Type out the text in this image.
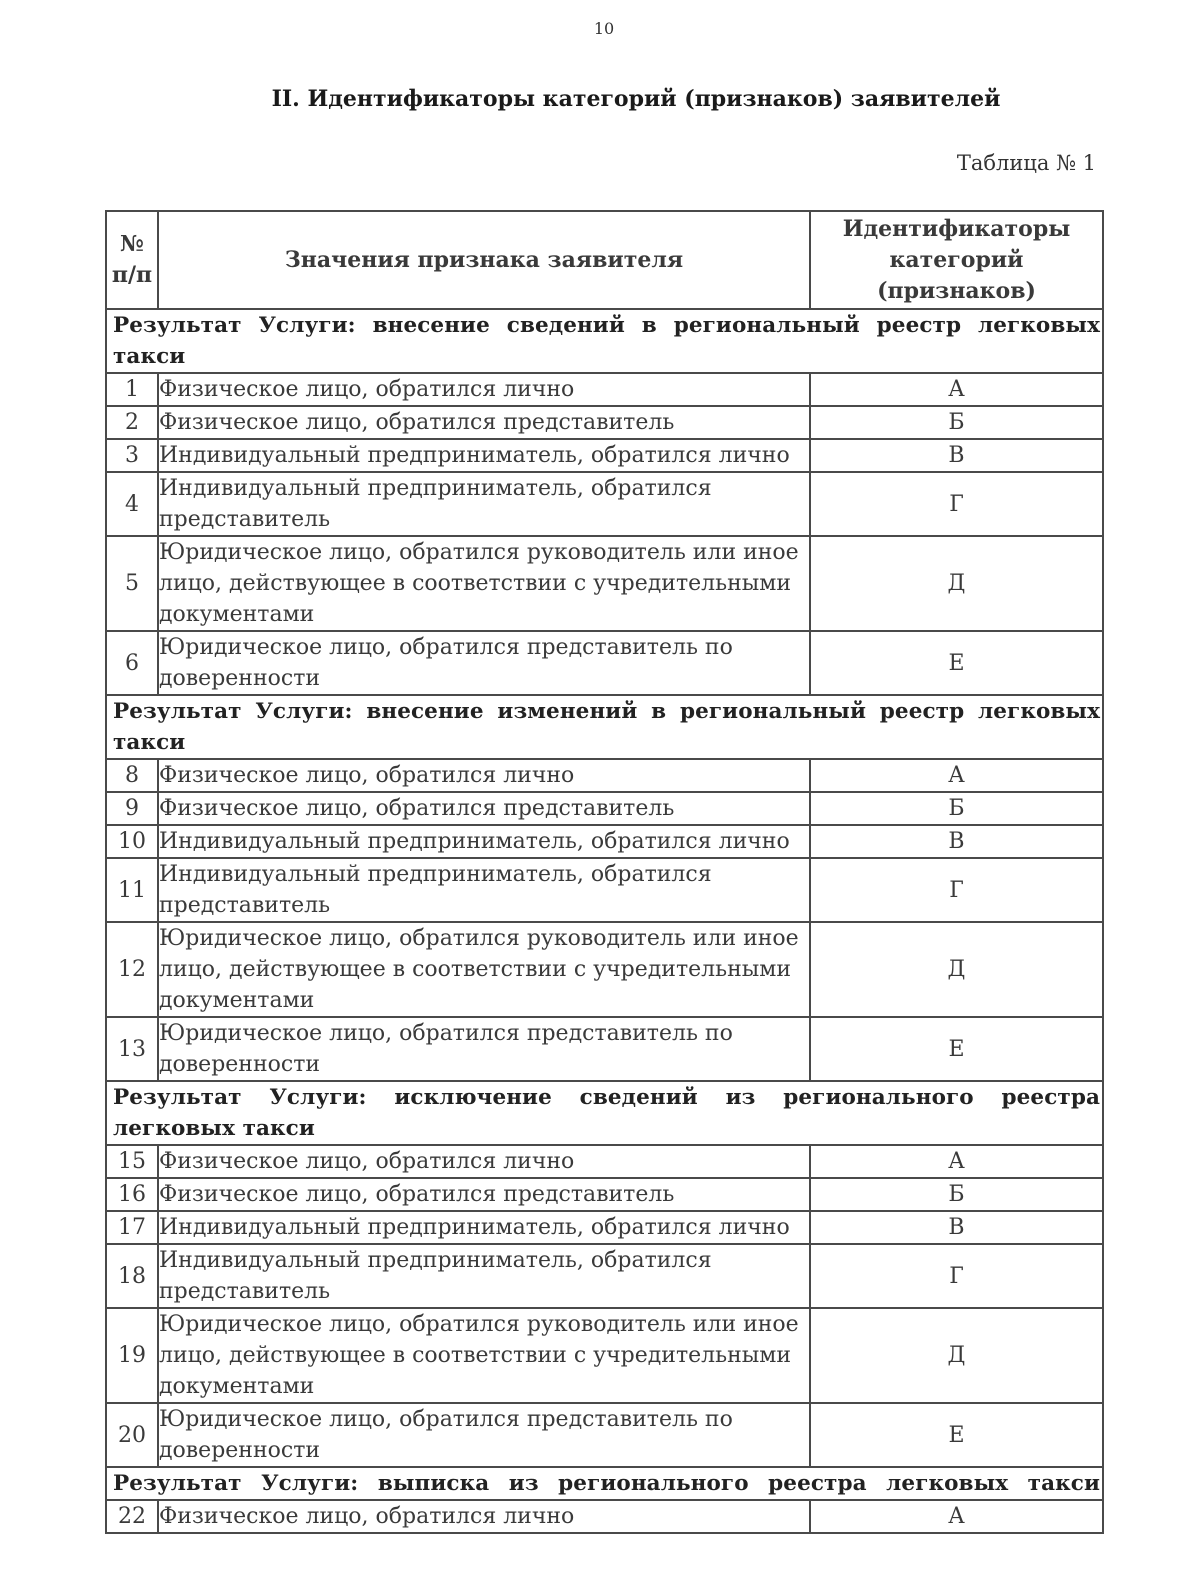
10
II. Идентификаторы категорий (признаков) заявителей
Таблица № 1
№ п/п	Значения признака заявителя	Идентификаторы категорий (признаков)
Результат Услуги: внесение сведений в региональный реестр легковых такси		
1	Физическое лицо, обратился лично	А
2	Физическое лицо, обратился представитель	Б
3	Индивидуальный предприниматель, обратился лично	В
4	Индивидуальный предприниматель, обратился представитель	Г
5	Юридическое лицо, обратился руководитель или иное лицо, действующее в соответствии с учредительными документами	Д
6	Юридическое лицо, обратился представитель по доверенности	Е
Результат Услуги: внесение изменений в региональный реестр легковых такси		
8	Физическое лицо, обратился лично	А
9	Физическое лицо, обратился представитель	Б
10	Индивидуальный предприниматель, обратился лично	В
11	Индивидуальный предприниматель, обратился представитель	Г
12	Юридическое лицо, обратился руководитель или иное лицо, действующее в соответствии с учредительными документами	Д
13	Юридическое лицо, обратился представитель по доверенности	Е
Результат Услуги: исключение сведений из регионального реестра легковых такси		
15	Физическое лицо, обратился лично	А
16	Физическое лицо, обратился представитель	Б
17	Индивидуальный предприниматель, обратился лично	В
18	Индивидуальный предприниматель, обратился представитель	Г
19	Юридическое лицо, обратился руководитель или иное лицо, действующее в соответствии с учредительными документами	Д
20	Юридическое лицо, обратился представитель по доверенности	Е
Результат Услуги: выписка из регионального реестра легковых такси		
22	Физическое лицо, обратился лично	А
